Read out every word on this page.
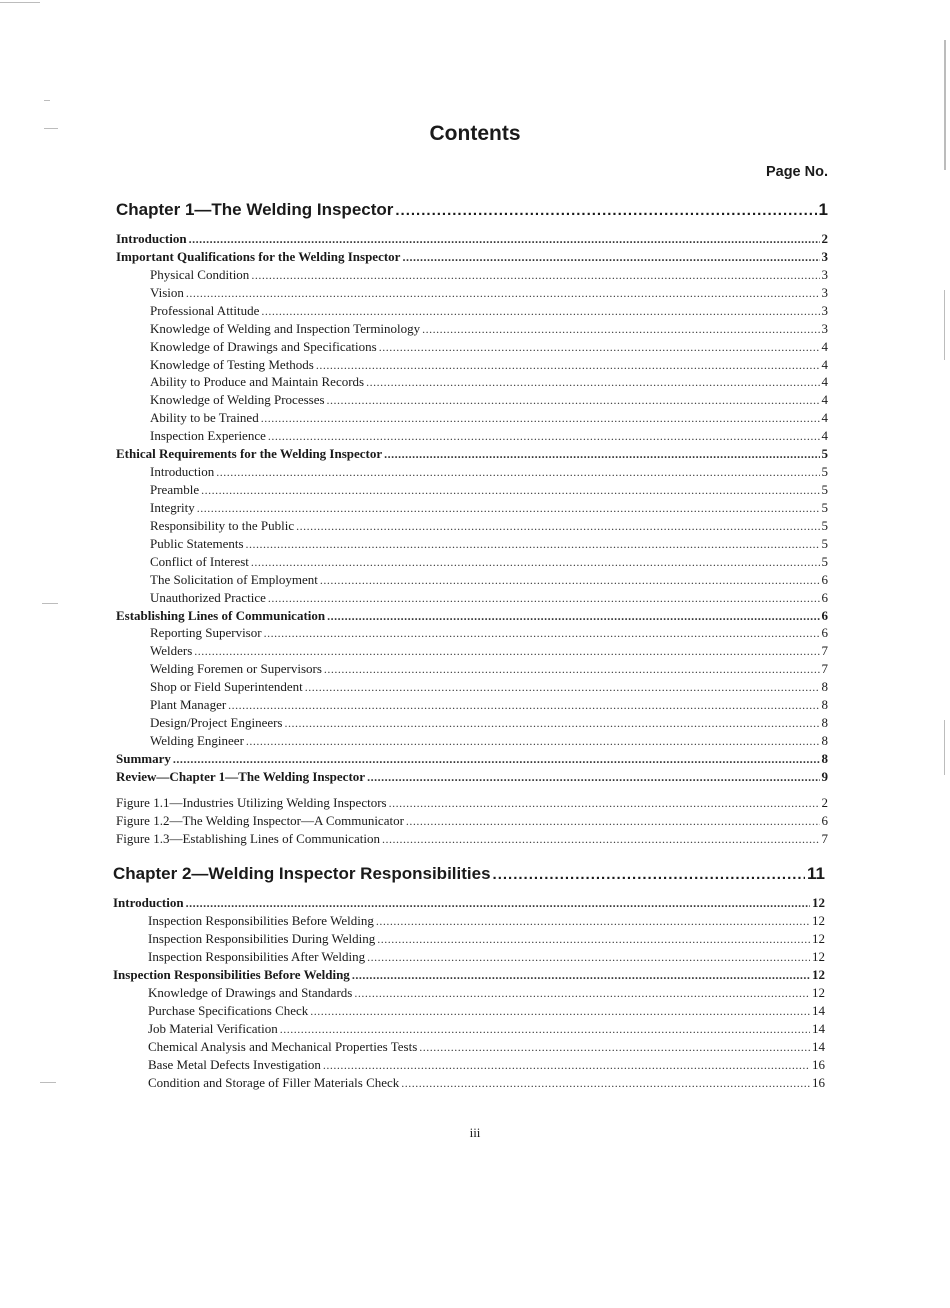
Contents
Page No.
Chapter 1—The Welding Inspector .....	1
Introduction .....	2
Important Qualifications for the Welding Inspector .....	3
Physical Condition .....	3
Vision .....	3
Professional Attitude .....	3
Knowledge of Welding and Inspection Terminology .....	3
Knowledge of Drawings and Specifications .....	4
Knowledge of Testing Methods .....	4
Ability to Produce and Maintain Records .....	4
Knowledge of Welding Processes .....	4
Ability to be Trained .....	4
Inspection Experience .....	4
Ethical Requirements for the Welding Inspector .....	5
Introduction .....	5
Preamble .....	5
Integrity .....	5
Responsibility to the Public .....	5
Public Statements .....	5
Conflict of Interest .....	5
The Solicitation of Employment .....	6
Unauthorized Practice .....	6
Establishing Lines of Communication .....	6
Reporting Supervisor .....	6
Welders .....	7
Welding Foremen or Supervisors .....	7
Shop or Field Superintendent .....	8
Plant Manager .....	8
Design/Project Engineers .....	8
Welding Engineer .....	8
Summary .....	8
Review—Chapter 1—The Welding Inspector .....	9
Figure 1.1—Industries Utilizing Welding Inspectors .....	2
Figure 1.2—The Welding Inspector—A Communicator .....	6
Figure 1.3—Establishing Lines of Communication .....	7
Chapter 2—Welding Inspector Responsibilities .....	11
Introduction .....	12
Inspection Responsibilities Before Welding .....	12
Inspection Responsibilities During Welding .....	12
Inspection Responsibilities After Welding .....	12
Inspection Responsibilities Before Welding .....	12
Knowledge of Drawings and Standards .....	12
Purchase Specifications Check .....	14
Job Material Verification .....	14
Chemical Analysis and Mechanical Properties Tests .....	14
Base Metal Defects Investigation .....	16
Condition and Storage of Filler Materials Check .....	16
iii
